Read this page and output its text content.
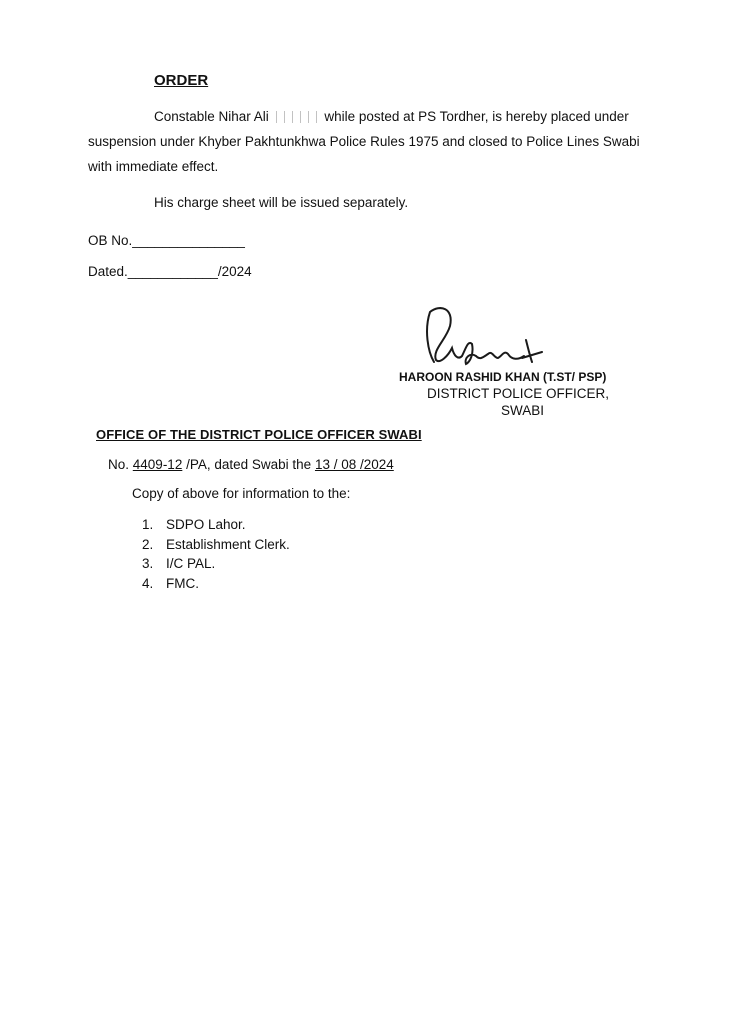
ORDER
Constable Nihar Ali	while posted at PS Tordher, is hereby placed under suspension under Khyber Pakhtunkhwa Police Rules 1975 and closed to Police Lines Swabi with immediate effect.
His charge sheet will be issued separately.
OB No._______________
Dated.____________/2024
HAROON RASHID KHAN (T.ST/ PSP)
DISTRICT POLICE OFFICER,
SWABI
OFFICE OF THE DISTRICT POLICE OFFICER SWABI
No. 4409-12 /PA, dated Swabi the 13 / 08 /2024
Copy of above for information to the:
1. SDPO Lahor.
2. Establishment Clerk.
3. I/C PAL.
4. FMC.
